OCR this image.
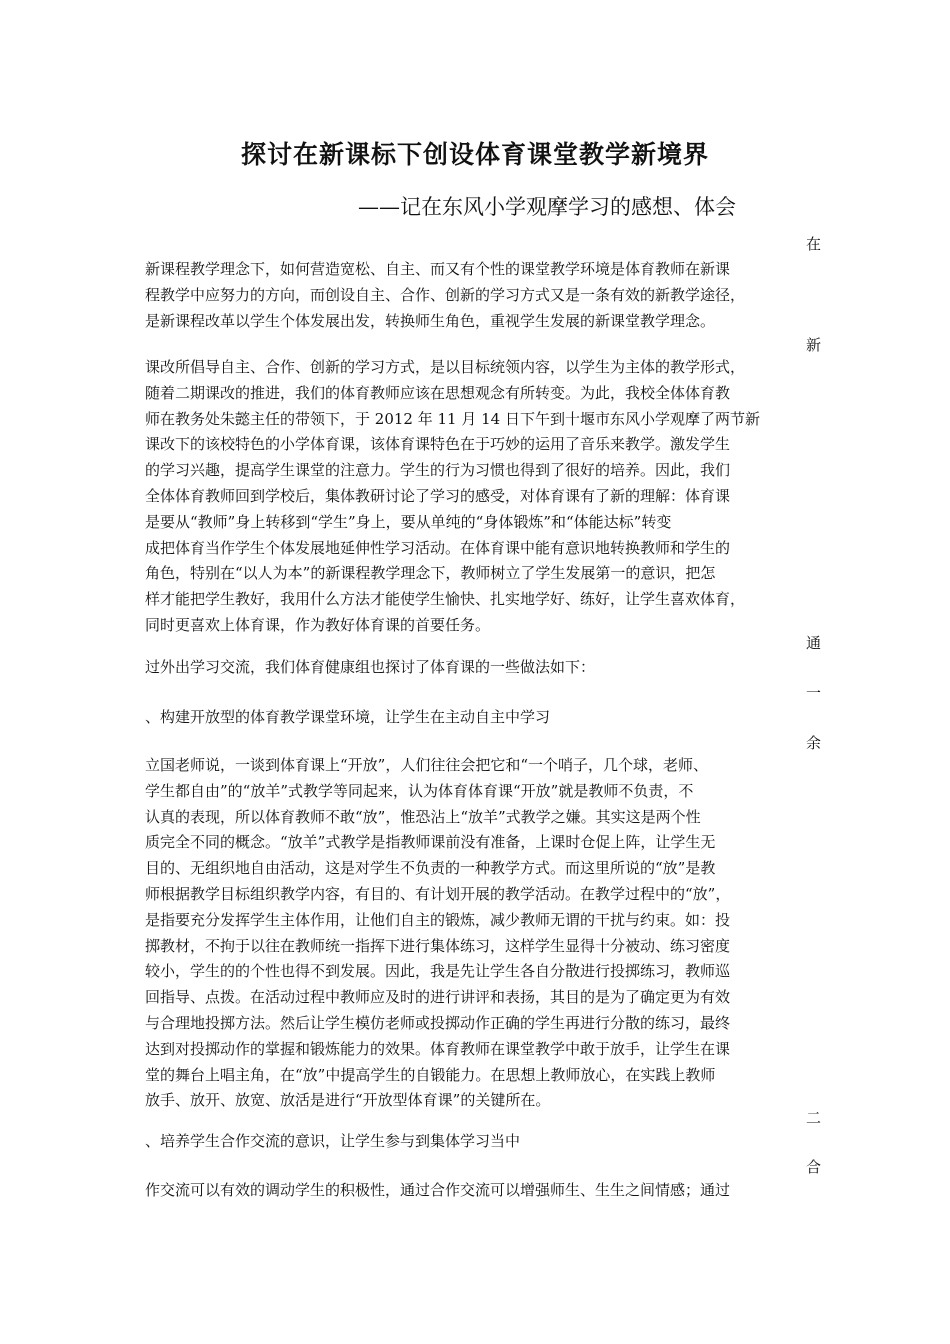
探讨在新课标下创设体育课堂教学新境界
——记在东风小学观摩学习的感想、体会
在
新
通
一
余
二
合
新课程教学理念下，如何营造宽松、自主、而又有个性的课堂教学环境是体育教师在新课
程教学中应努力的方向，而创设自主、合作、创新的学习方式又是一条有效的新教学途径，
是新课程改革以学生个体发展出发，转换师生角色，重视学生发展的新课堂教学理念。
课改所倡导自主、合作、创新的学习方式，是以目标统领内容，以学生为主体的教学形式，
随着二期课改的推进，我们的体育教师应该在思想观念有所转变。为此，我校全体体育教
师在教务处朱懿主任的带领下，于 2012 年 11 月 14 日下午到十堰市东风小学观摩了两节新
课改下的该校特色的小学体育课，该体育课特色在于巧妙的运用了音乐来教学。激发学生
的学习兴趣，提高学生课堂的注意力。学生的行为习惯也得到了很好的培养。因此，我们
全体体育教师回到学校后，集体教研讨论了学习的感受，对体育课有了新的理解：体育课
是要从“教师”身上转移到“学生”身上，要从单纯的“身体锻炼”和“体能达标”转变
成把体育当作学生个体发展地延伸性学习活动。在体育课中能有意识地转换教师和学生的
角色，特别在“以人为本”的新课程教学理念下，教师树立了学生发展第一的意识，把怎
样才能把学生教好，我用什么方法才能使学生愉快、扎实地学好、练好，让学生喜欢体育，
同时更喜欢上体育课，作为教好体育课的首要任务。
过外出学习交流，我们体育健康组也探讨了体育课的一些做法如下：
、构建开放型的体育教学课堂环境，让学生在主动自主中学习
立国老师说，一谈到体育课上“开放”，人们往往会把它和“一个哨子，几个球，老师、
学生都自由”的“放羊”式教学等同起来，认为体育体育课“开放”就是教师不负责，不
认真的表现，所以体育教师不敢“放”，惟恐沾上“放羊”式教学之嫌。其实这是两个性
质完全不同的概念。“放羊”式教学是指教师课前没有准备，上课时仓促上阵，让学生无
目的、无组织地自由活动，这是对学生不负责的一种教学方式。而这里所说的“放”是教
师根据教学目标组织教学内容，有目的、有计划开展的教学活动。在教学过程中的“放”，
是指要充分发挥学生主体作用，让他们自主的锻炼，减少教师无谓的干扰与约束。如：投
掷教材，不拘于以往在教师统一指挥下进行集体练习，这样学生显得十分被动、练习密度
较小，学生的的个性也得不到发展。因此，我是先让学生各自分散进行投掷练习，教师巡
回指导、点拨。在活动过程中教师应及时的进行讲评和表扬，其目的是为了确定更为有效
与合理地投掷方法。然后让学生模仿老师或投掷动作正确的学生再进行分散的练习，最终
达到对投掷动作的掌握和锻炼能力的效果。体育教师在课堂教学中敢于放手，让学生在课
堂的舞台上唱主角，在“放”中提高学生的自锻能力。在思想上教师放心，在实践上教师
放手、放开、放宽、放活是进行“开放型体育课”的关键所在。
、培养学生合作交流的意识，让学生参与到集体学习当中
作交流可以有效的调动学生的积极性，通过合作交流可以增强师生、生生之间情感；通过
